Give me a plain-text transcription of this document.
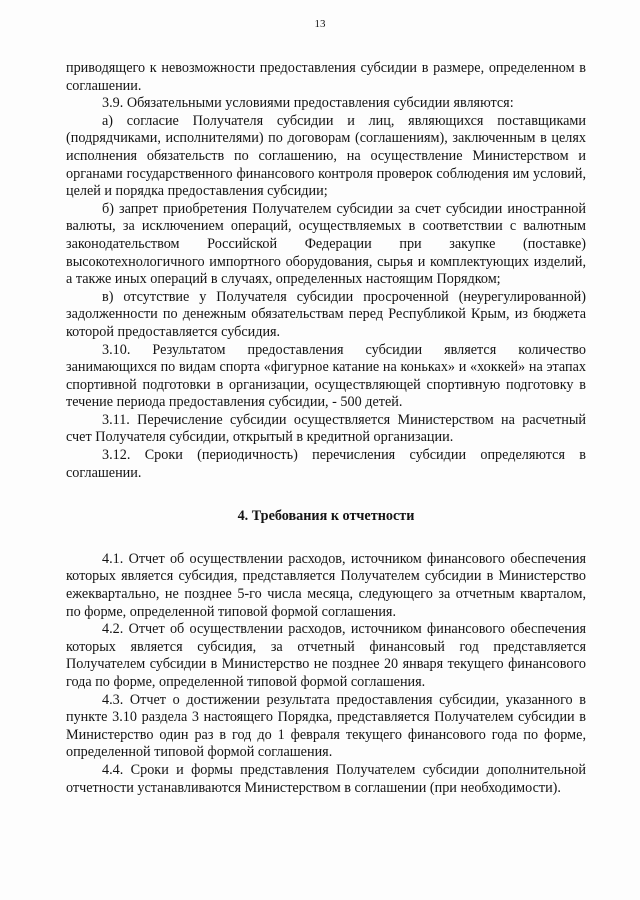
13

приводящего к невозможности предоставления субсидии в размере, определенном в соглашении.

3.9. Обязательными условиями предоставления субсидии являются:

а) согласие Получателя субсидии и лиц, являющихся поставщиками (подрядчиками, исполнителями) по договорам (соглашениям), заключенным в целях исполнения обязательств по соглашению, на осуществление Министерством и органами государственного финансового контроля проверок соблюдения им условий, целей и порядка предоставления субсидии;

б) запрет приобретения Получателем субсидии за счет субсидии иностранной валюты, за исключением операций, осуществляемых в соответствии с валютным законодательством Российской Федерации при закупке (поставке) высокотехнологичного импортного оборудования, сырья и комплектующих изделий, а также иных операций в случаях, определенных настоящим Порядком;

в) отсутствие у Получателя субсидии просроченной (неурегулированной) задолженности по денежным обязательствам перед Республикой Крым, из бюджета которой предоставляется субсидия.

3.10. Результатом предоставления субсидии является количество занимающихся по видам спорта «фигурное катание на коньках» и «хоккей» на этапах спортивной подготовки в организации, осуществляющей спортивную подготовку в течение периода предоставления субсидии, - 500 детей.

3.11. Перечисление субсидии осуществляется Министерством на расчетный счет Получателя субсидии, открытый в кредитной организации.

3.12. Сроки (периодичность) перечисления субсидии определяются в соглашении.

4. Требования к отчетности

4.1. Отчет об осуществлении расходов, источником финансового обеспечения которых является субсидия, представляется Получателем субсидии в Министерство ежеквартально, не позднее 5-го числа месяца, следующего за отчетным кварталом, по форме, определенной типовой формой соглашения.

4.2. Отчет об осуществлении расходов, источником финансового обеспечения которых является субсидия, за отчетный финансовый год представляется Получателем субсидии в Министерство не позднее 20 января текущего финансового года по форме, определенной типовой формой соглашения.

4.3. Отчет о достижении результата предоставления субсидии, указанного в пункте 3.10 раздела 3 настоящего Порядка, представляется Получателем субсидии в Министерство один раз в год до 1 февраля текущего финансового года по форме, определенной типовой формой соглашения.

4.4. Сроки и формы представления Получателем субсидии дополнительной отчетности устанавливаются Министерством в соглашении (при необходимости).
